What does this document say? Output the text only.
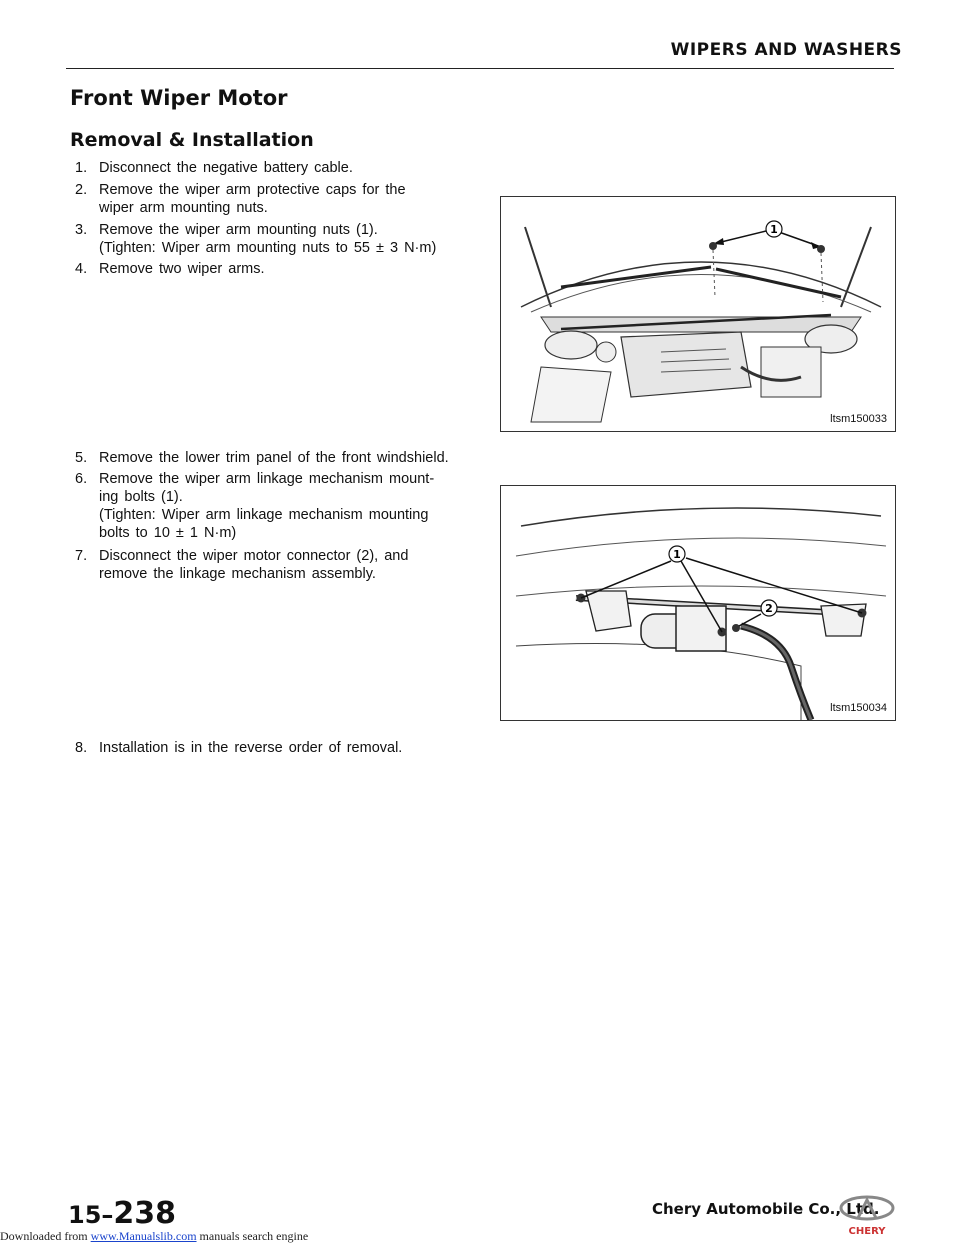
WIPERS AND WASHERS
Front Wiper Motor
Removal & Installation
1. Disconnect the negative battery cable.
2. Remove the wiper arm protective caps for the
wiper arm mounting nuts.
3. Remove the wiper arm mounting nuts (1).
(Tighten: Wiper arm mounting nuts to 55 ± 3 N·m)
4. Remove two wiper arms.
1
ltsm150033
5. Remove the lower trim panel of the front windshield.
6. Remove the wiper arm linkage mechanism mount-
ing bolts (1).
(Tighten: Wiper arm linkage mechanism mounting
bolts to 10 ± 1 N·m)
7. Disconnect the wiper motor connector (2), and
remove the linkage mechanism assembly.
1
2
ltsm150034
8. Installation is in the reverse order of removal.
15–238	Chery Automobile Co., Ltd.
CHERY
Downloaded from www.Manualslib.com manuals search engine
